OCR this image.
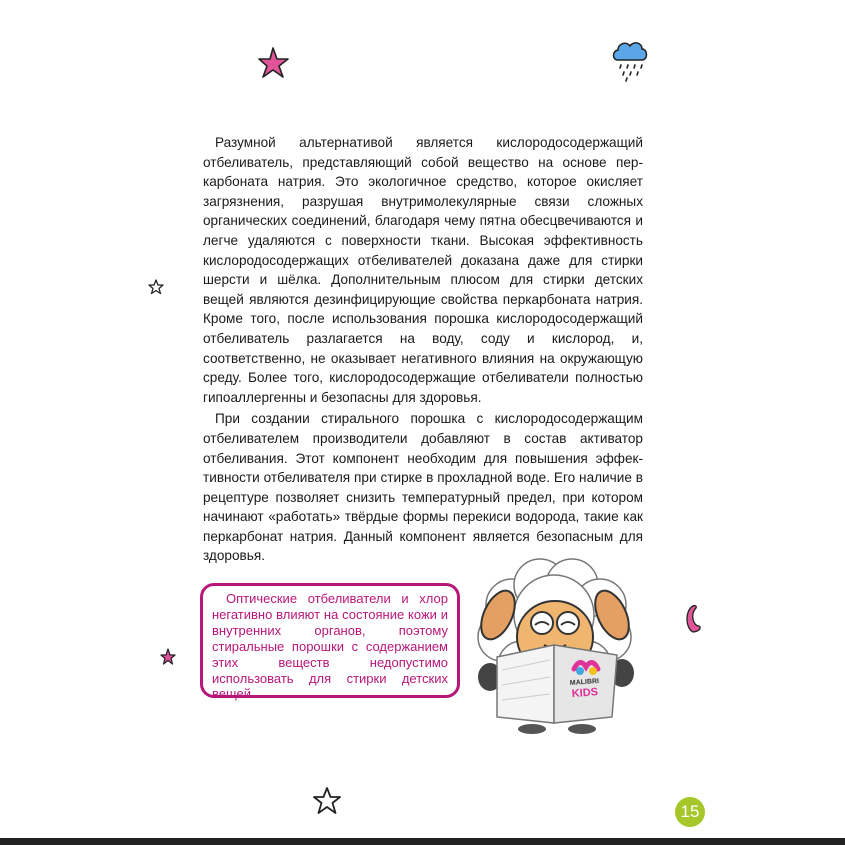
Разумной альтернативой является кислородосодержащий отбеливатель, представляющий собой вещество на основе перкарбоната натрия. Это экологичное средство, которое окисляет загрязнения, разрушая внутримолекулярные связи сложных органических соединений, благодаря чему пятна обесцвечиваются и легче удаляются с поверхности ткани. Высокая эффективность кислородосодержащих отбеливателей доказана даже для стирки шерсти и шёлка. Дополнительным плюсом для стирки детских вещей являются дезинфицирующие свойства перкарбоната натрия. Кроме того, после использования порошка кислородосодержащий отбеливатель разлагается на воду, соду и кислород, и, соответственно, не оказывает негативного влияния на окружающую среду. Более того, кислородосодержащие отбеливатели полностью гипоаллергенны и безопасны для здоровья.

При создании стирального порошка с кислородосодержащим отбеливателем производители добавляют в состав активатор отбеливания. Этот компонент необходим для повышения эффективности отбеливателя при стирке в прохладной воде. Его наличие в рецептуре позволяет снизить температурный предел, при котором начинают «работать» твёрдые формы перекиси водорода, такие как перкарбонат натрия. Данный компонент является безопасным для здоровья.

Оптические отбеливатели и хлор негативно влияют на состояние кожи и внутренних органов, поэтому стиральные порошки с содержанием этих веществ недопустимо использовать для стирки детских вещей.

MALIBRI
KIDS
15
